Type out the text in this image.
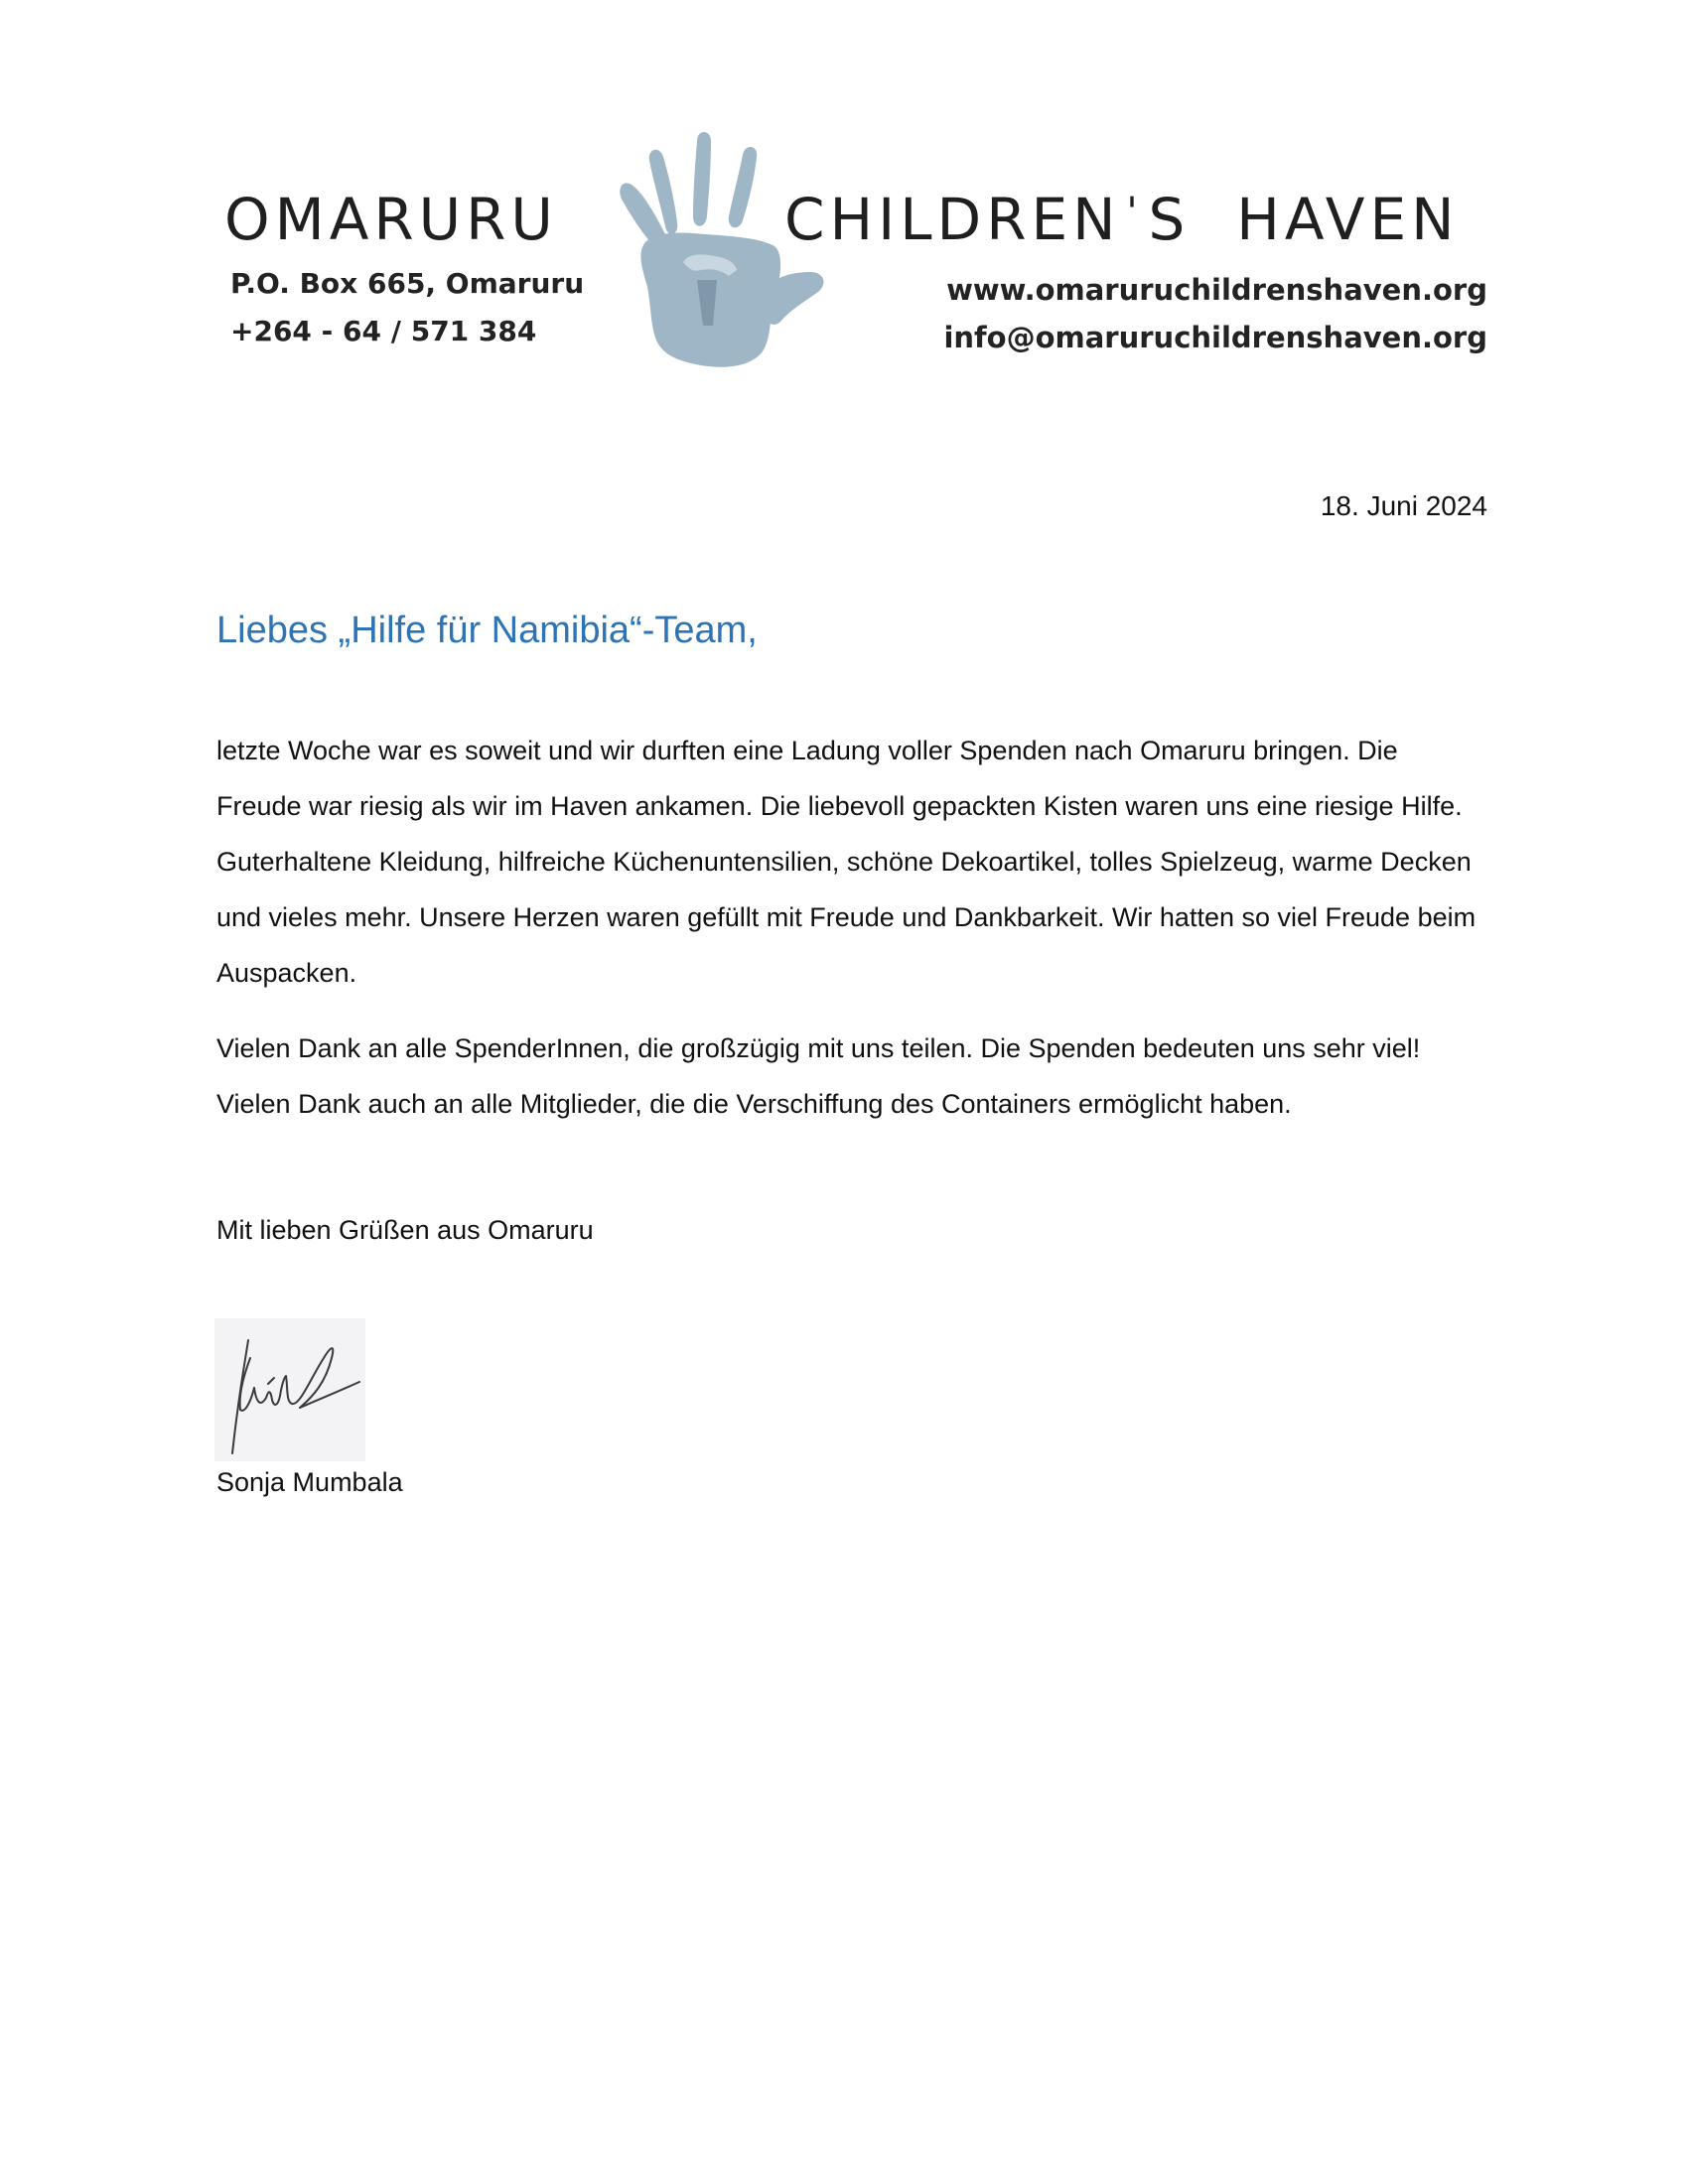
OMARURU	CHILDREN ' S  HAVEN
P.O. Box 665, Omaruru
+264 - 64 / 571 384
www.omaruruchildrenshaven.org
info@omaruruchildrenshaven.org
18. Juni 2024
Liebes „Hilfe für Namibia“-Team,

letzte Woche war es soweit und wir durften eine Ladung voller Spenden nach Omaruru bringen. Die Freude war riesig als wir im Haven ankamen. Die liebevoll gepackten Kisten waren uns eine riesige Hilfe. Guterhaltene Kleidung, hilfreiche Küchenuntensilien, schöne Dekoartikel, tolles Spielzeug, warme Decken und vieles mehr. Unsere Herzen waren gefüllt mit Freude und Dankbarkeit. Wir hatten so viel Freude beim Auspacken.

Vielen Dank an alle SpenderInnen, die großzügig mit uns teilen. Die Spenden bedeuten uns sehr viel! Vielen Dank auch an alle Mitglieder, die die Verschiffung des Containers ermöglicht haben.

Mit lieben Grüßen aus Omaruru
Sonja Mumbala
